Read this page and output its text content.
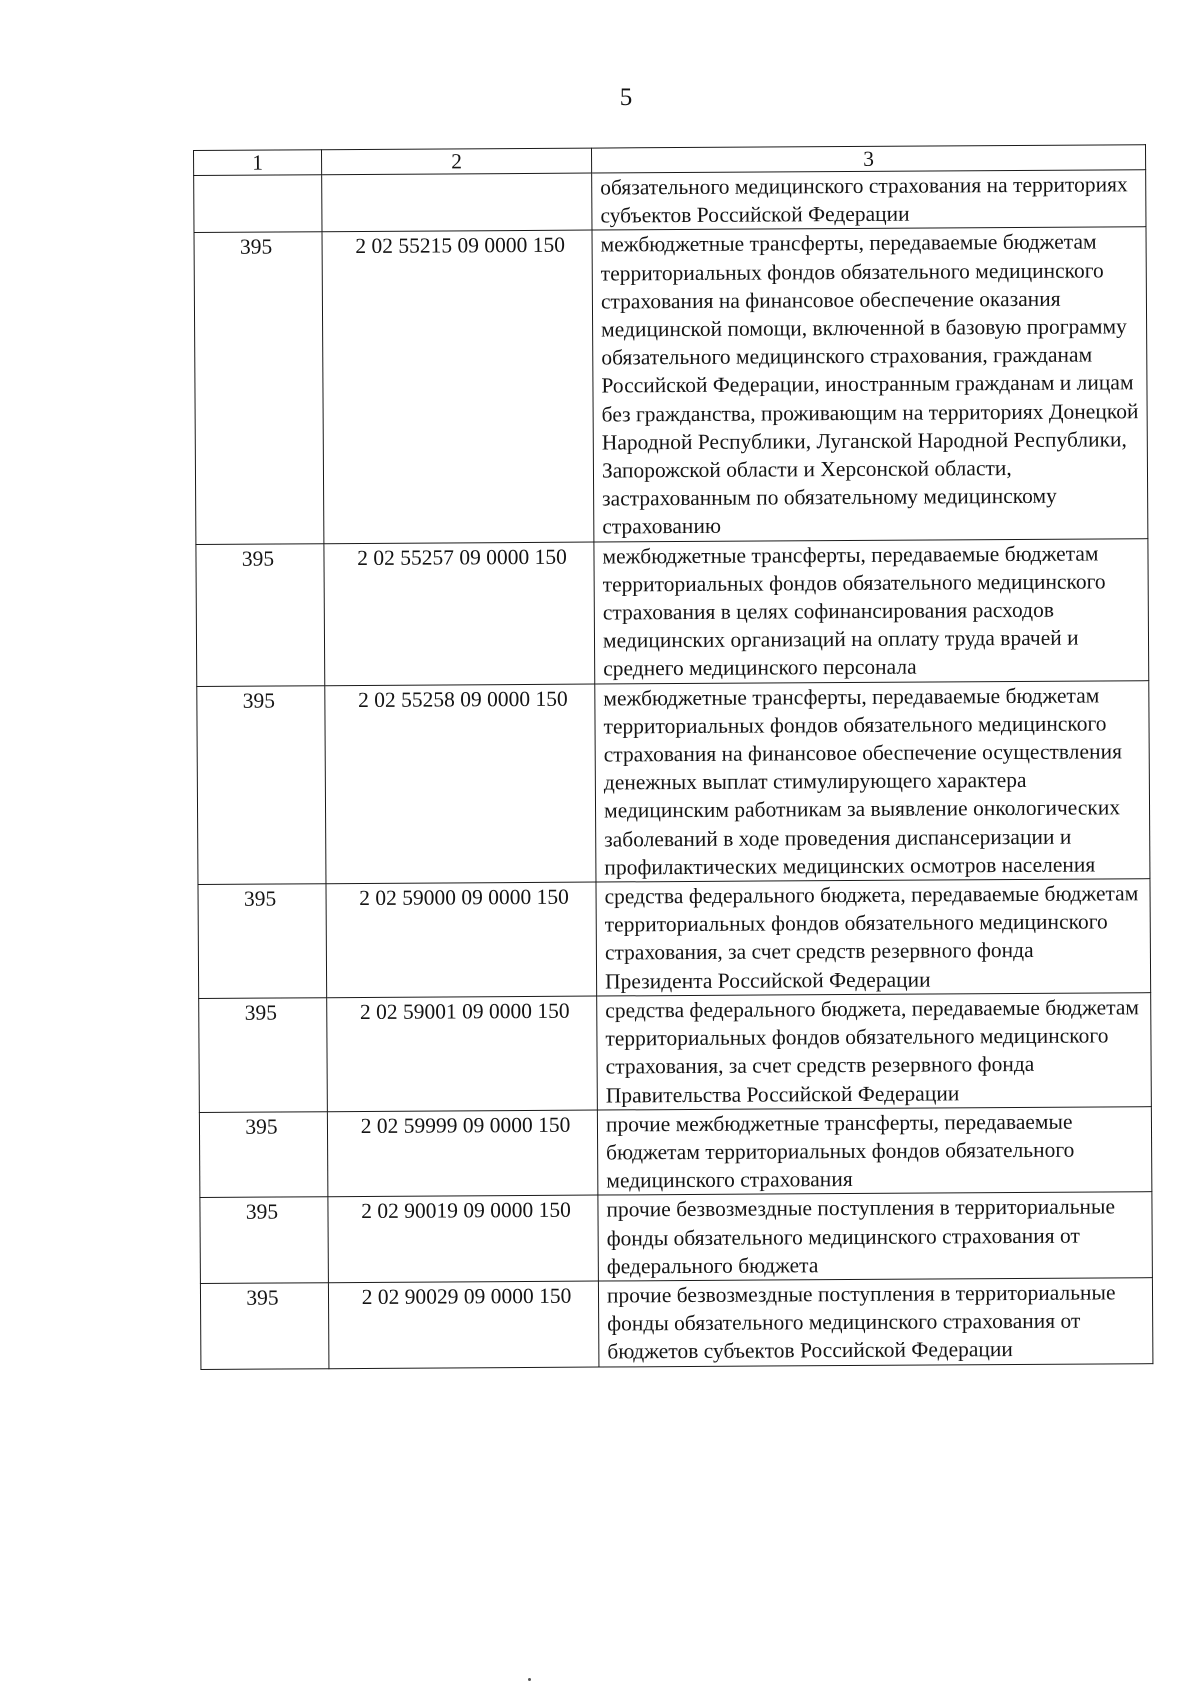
5
1	2	3
		обязательного медицинского страхования на территориях субъектов Российской Федерации
395	2 02 55215 09 0000 150	межбюджетные трансферты, передаваемые бюджетам территориальных фондов обязательного медицинского страхования на финансовое обеспечение оказания медицинской помощи, включенной в базовую программу обязательного медицинского страхования, гражданам Российской Федерации, иностранным гражданам и лицам без гражданства, проживающим на территориях Донецкой Народной Республики, Луганской Народной Республики, Запорожской области и Херсонской области, застрахованным по обязательному медицинскому страхованию
395	2 02 55257 09 0000 150	межбюджетные трансферты, передаваемые бюджетам территориальных фондов обязательного медицинского страхования в целях софинансирования расходов медицинских организаций на оплату труда врачей и среднего медицинского персонала
395	2 02 55258 09 0000 150	межбюджетные трансферты, передаваемые бюджетам территориальных фондов обязательного медицинского страхования на финансовое обеспечение осуществления денежных выплат стимулирующего характера медицинским работникам за выявление онкологических заболеваний в ходе проведения диспансеризации и профилактических медицинских осмотров населения
395	2 02 59000 09 0000 150	средства федерального бюджета, передаваемые бюджетам территориальных фондов обязательного медицинского страхования, за счет средств резервного фонда Президента Российской Федерации
395	2 02 59001 09 0000 150	средства федерального бюджета, передаваемые бюджетам территориальных фондов обязательного медицинского страхования, за счет средств резервного фонда Правительства Российской Федерации
395	2 02 59999 09 0000 150	прочие межбюджетные трансферты, передаваемые бюджетам территориальных фондов обязательного медицинского страхования
395	2 02 90019 09 0000 150	прочие безвозмездные поступления в территориальные фонды обязательного медицинского страхования от федерального бюджета
395	2 02 90029 09 0000 150	прочие безвозмездные поступления в территориальные фонды обязательного медицинского страхования от бюджетов субъектов Российской Федерации
